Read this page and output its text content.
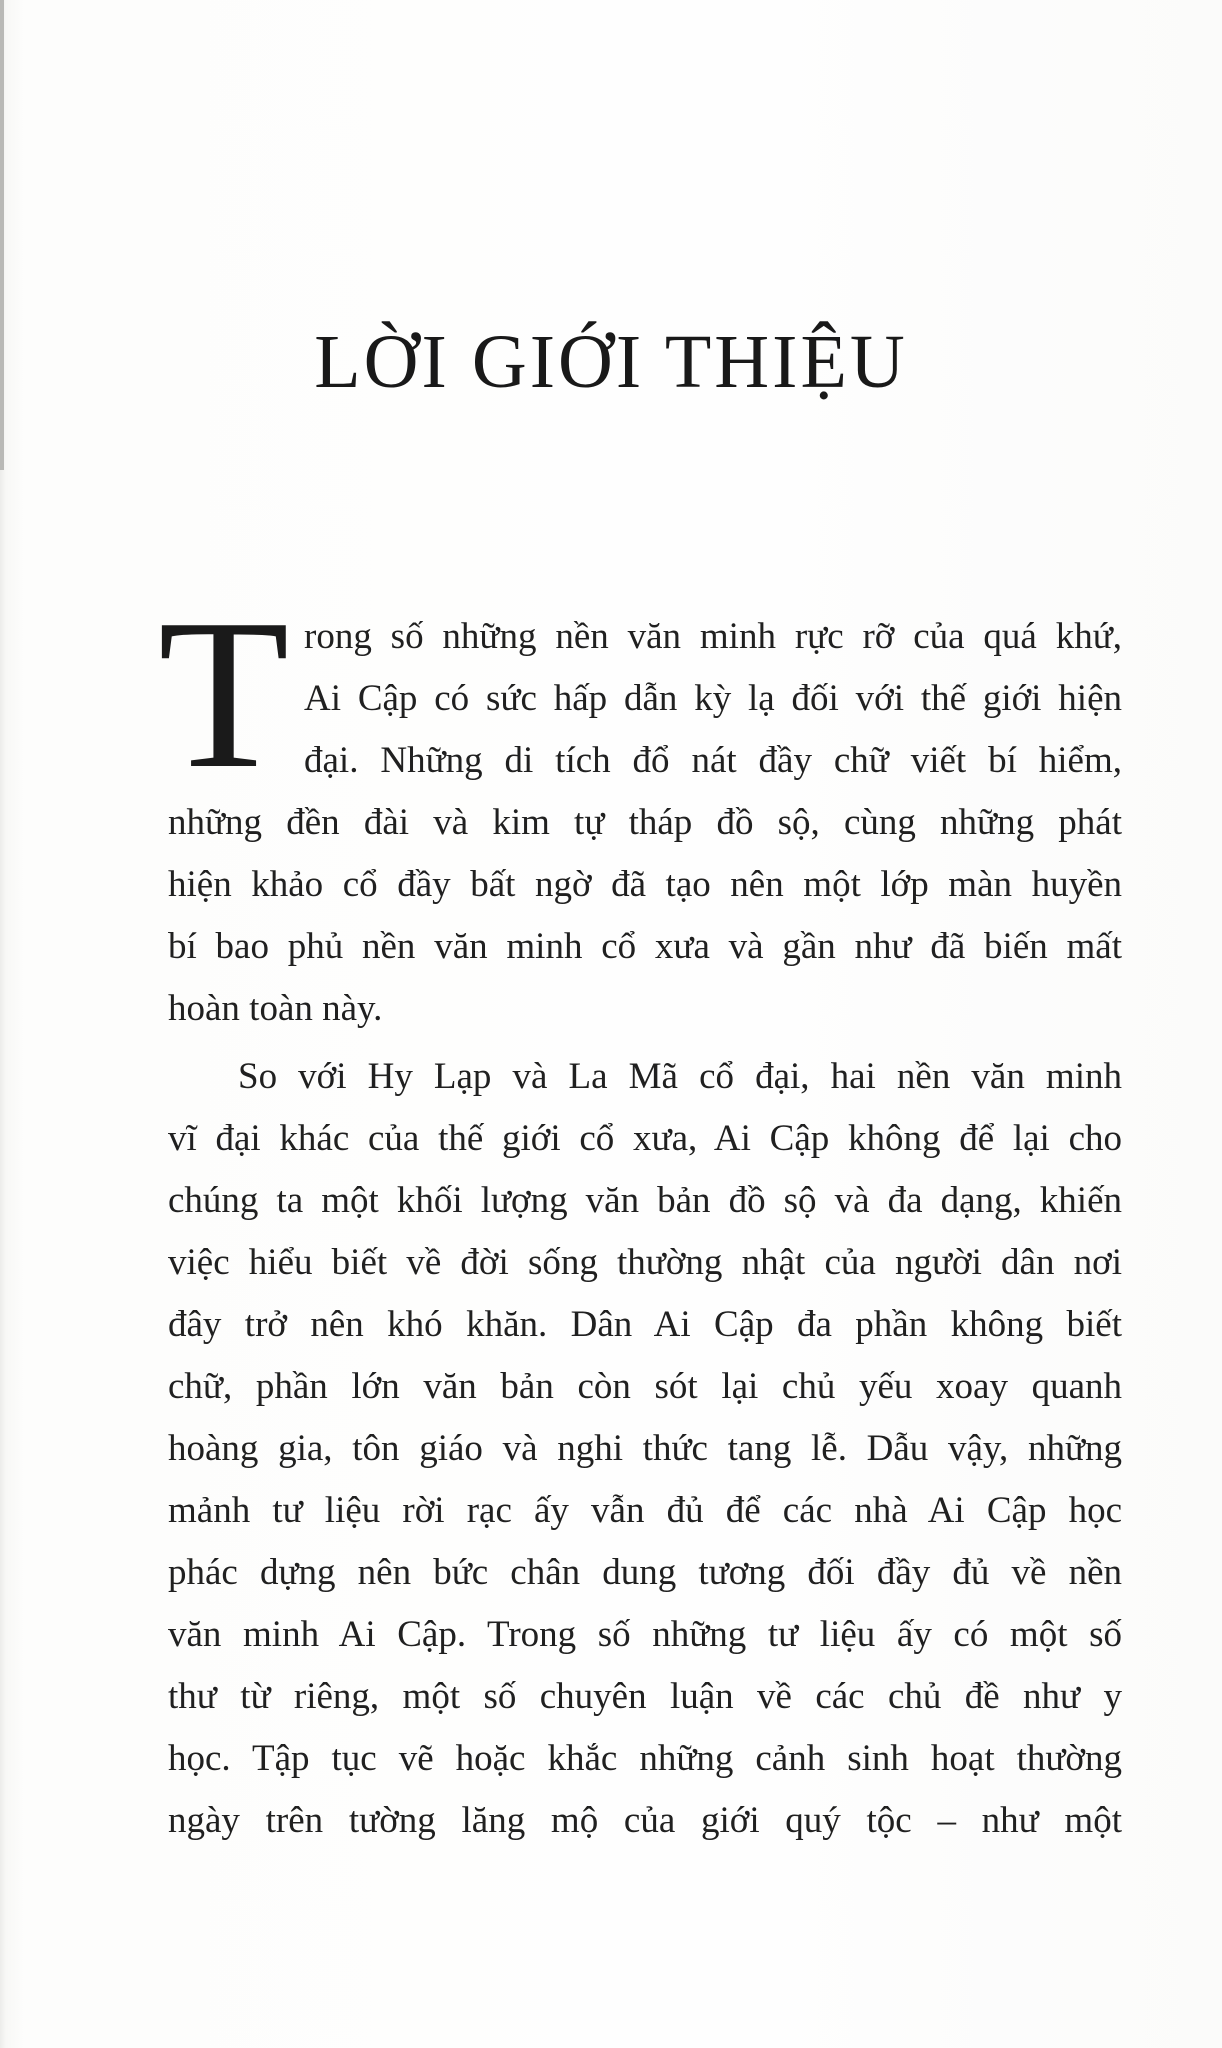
LỜI GIỚI THIỆU
T rong số những nền văn minh rực rỡ của quá khứ,
Ai Cập có sức hấp dẫn kỳ lạ đối với thế giới hiện
đại. Những di tích đổ nát đầy chữ viết bí hiểm,
những đền đài và kim tự tháp đồ sộ, cùng những phát
hiện khảo cổ đầy bất ngờ đã tạo nên một lớp màn huyền
bí bao phủ nền văn minh cổ xưa và gần như đã biến mất
hoàn toàn này.
So với Hy Lạp và La Mã cổ đại, hai nền văn minh
vĩ đại khác của thế giới cổ xưa, Ai Cập không để lại cho
chúng ta một khối lượng văn bản đồ sộ và đa dạng, khiến
việc hiểu biết về đời sống thường nhật của người dân nơi
đây trở nên khó khăn. Dân Ai Cập đa phần không biết
chữ, phần lớn văn bản còn sót lại chủ yếu xoay quanh
hoàng gia, tôn giáo và nghi thức tang lễ. Dẫu vậy, những
mảnh tư liệu rời rạc ấy vẫn đủ để các nhà Ai Cập học
phác dựng nên bức chân dung tương đối đầy đủ về nền
văn minh Ai Cập. Trong số những tư liệu ấy có một số
thư từ riêng, một số chuyên luận về các chủ đề như y
học. Tập tục vẽ hoặc khắc những cảnh sinh hoạt thường
ngày trên tường lăng mộ của giới quý tộc – như một
